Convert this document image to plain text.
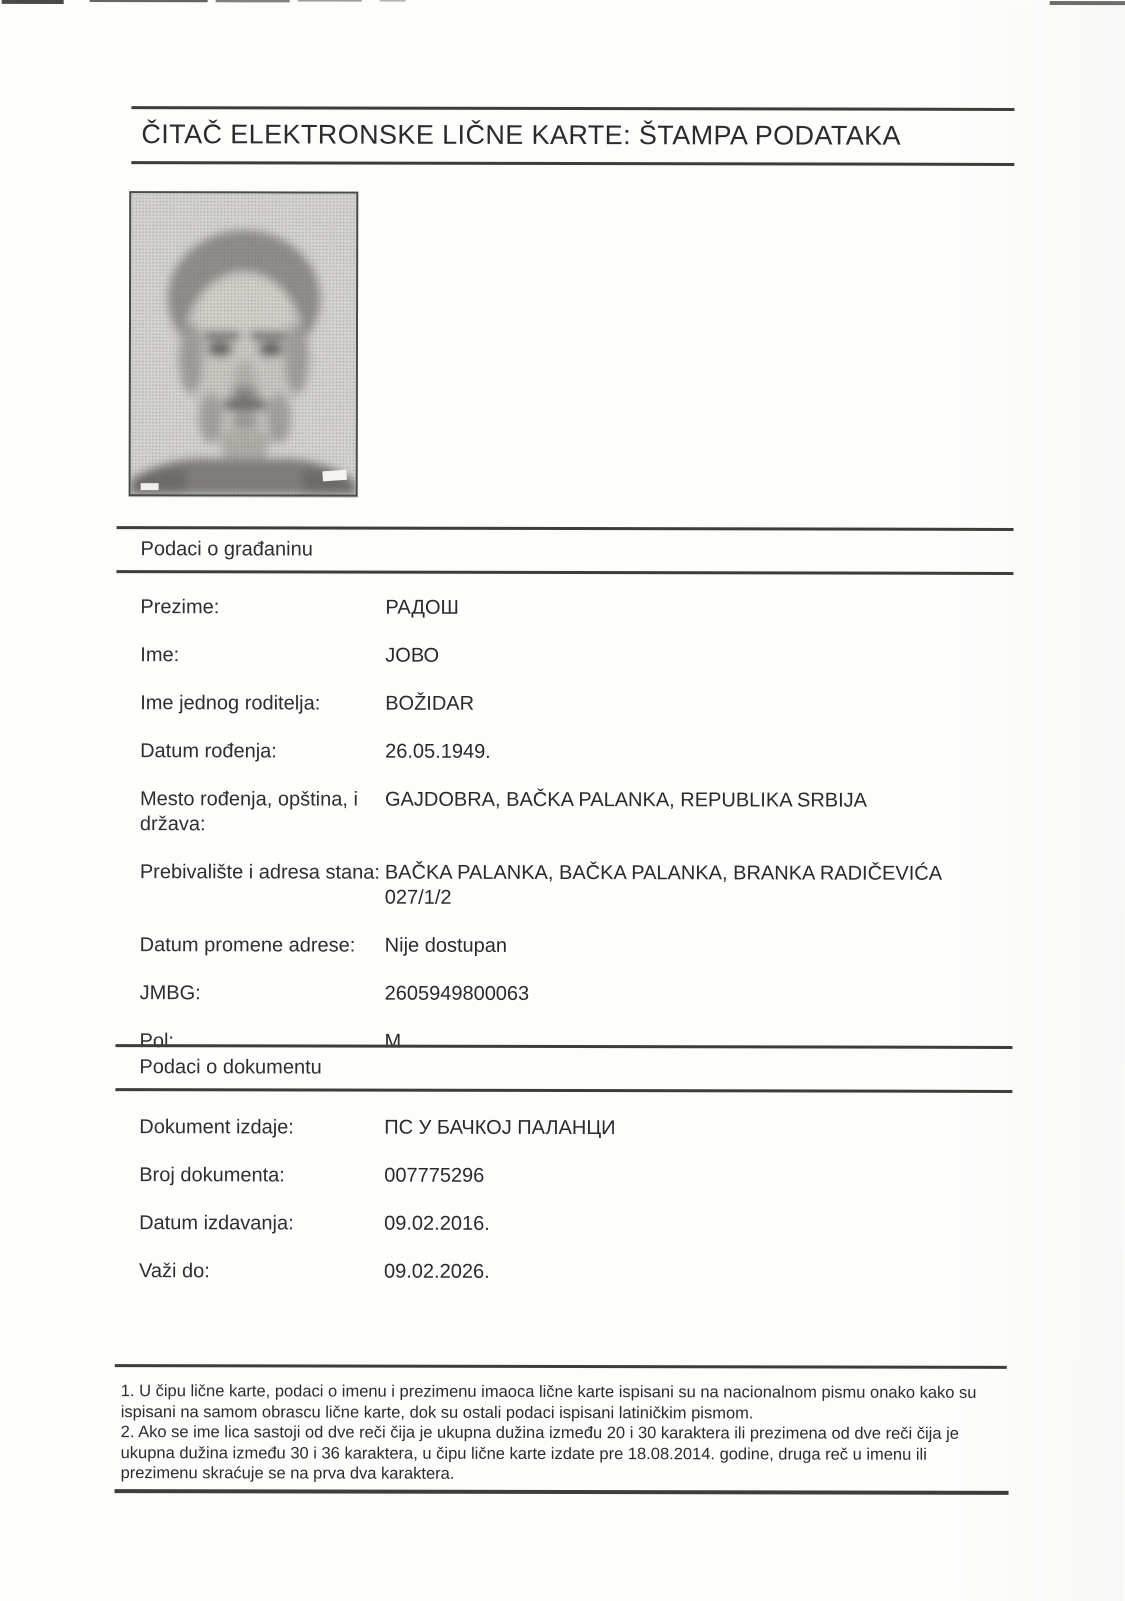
ČITAČ ELEKTRONSKE LIČNE KARTE: ŠTAMPA PODATAKA
Podaci o građaninu
Prezime:	РАДОШ
Ime:	ЈОВО
Ime jednog roditelja:	BOŽIDAR
Datum rođenja:	26.05.1949.
Mesto rođenja, opština, i država:
GAJDOBRA, BAČKA PALANKA, REPUBLIKA SRBIJA
Prebivalište i adresa stana: BAČKA PALANKA, BAČKA PALANKA, BRANKA RADIČEVIĆA 027/1/2
Datum promene adrese:	Nije dostupan
JMBG:	2605949800063
Pol:	M
Podaci o dokumentu
Dokument izdaje:	ПС У БАЧКОЈ ПАЛАНЦИ
Broj dokumenta:	007775296
Datum izdavanja:	09.02.2016.
Važi do:	09.02.2026.

1. U čipu lične karte, podaci o imenu i prezimenu imaoca lične karte ispisani su na nacionalnom pismu onako kako su ispisani na samom obrascu lične karte, dok su ostali podaci ispisani latiničkim pismom.

2. Ako se ime lica sastoji od dve reči čija je ukupna dužina između 20 i 30 karaktera ili prezimena od dve reči čija je ukupna dužina između 30 i 36 karaktera, u čipu lične karte izdate pre 18.08.2014. godine, druga reč u imenu ili prezimenu skraćuje se na prva dva karaktera.
